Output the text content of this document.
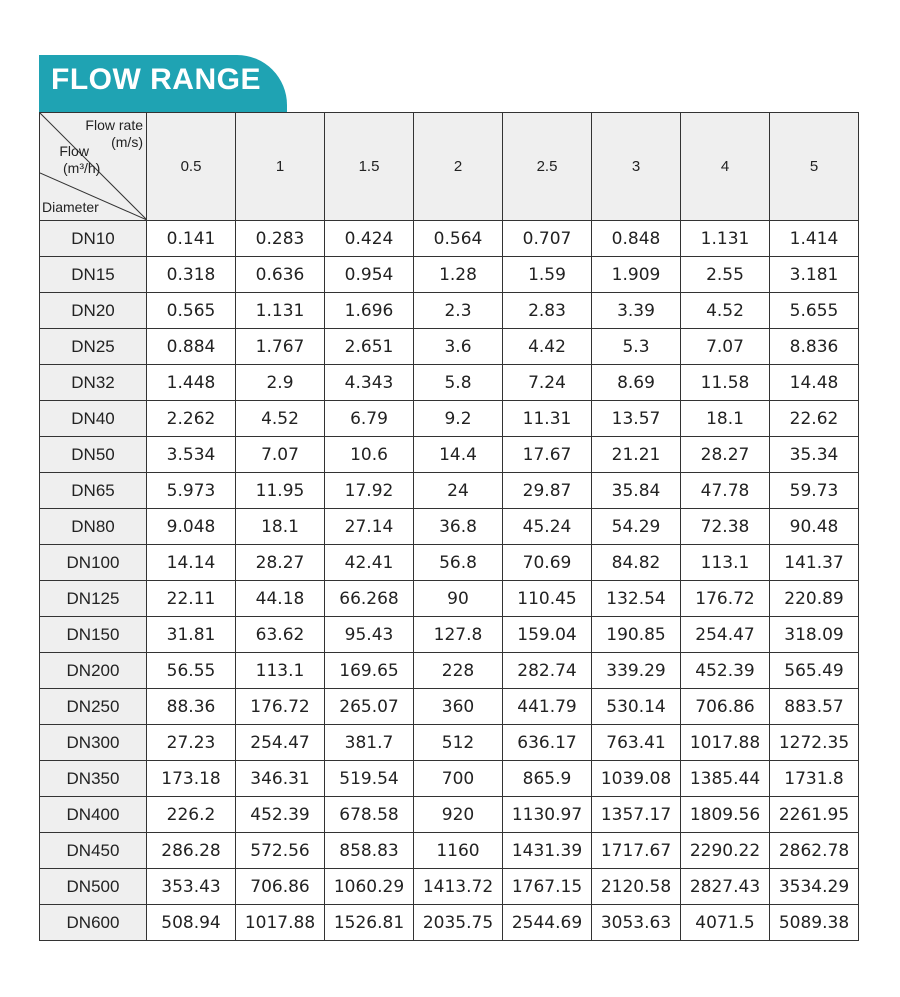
FLOW RANGE
Flow rate
(m/s)
Flow
(m³/h)
Diameter	0.5	1	1.5	2	2.5	3	4	5
DN10	0.141	0.283	0.424	0.564	0.707	0.848	1.131	1.414
DN15	0.318	0.636	0.954	1.28	1.59	1.909	2.55	3.181
DN20	0.565	1.131	1.696	2.3	2.83	3.39	4.52	5.655
DN25	0.884	1.767	2.651	3.6	4.42	5.3	7.07	8.836
DN32	1.448	2.9	4.343	5.8	7.24	8.69	11.58	14.48
DN40	2.262	4.52	6.79	9.2	11.31	13.57	18.1	22.62
DN50	3.534	7.07	10.6	14.4	17.67	21.21	28.27	35.34
DN65	5.973	11.95	17.92	24	29.87	35.84	47.78	59.73
DN80	9.048	18.1	27.14	36.8	45.24	54.29	72.38	90.48
DN100	14.14	28.27	42.41	56.8	70.69	84.82	113.1	141.37
DN125	22.11	44.18	66.268	90	110.45	132.54	176.72	220.89
DN150	31.81	63.62	95.43	127.8	159.04	190.85	254.47	318.09
DN200	56.55	113.1	169.65	228	282.74	339.29	452.39	565.49
DN250	88.36	176.72	265.07	360	441.79	530.14	706.86	883.57
DN300	27.23	254.47	381.7	512	636.17	763.41	1017.88	1272.35
DN350	173.18	346.31	519.54	700	865.9	1039.08	1385.44	1731.8
DN400	226.2	452.39	678.58	920	1130.97	1357.17	1809.56	2261.95
DN450	286.28	572.56	858.83	1160	1431.39	1717.67	2290.22	2862.78
DN500	353.43	706.86	1060.29	1413.72	1767.15	2120.58	2827.43	3534.29
DN600	508.94	1017.88	1526.81	2035.75	2544.69	3053.63	4071.5	5089.38
